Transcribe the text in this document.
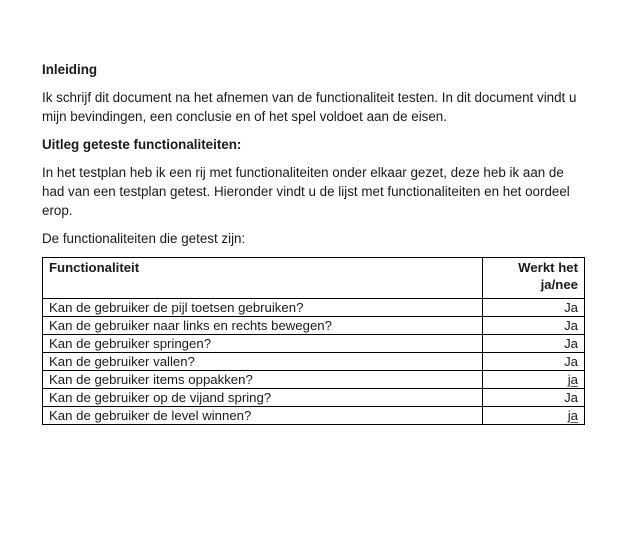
Inleiding
Ik schrijf dit document na het afnemen van de functionaliteit testen. In dit document vindt u mijn bevindingen, een conclusie en of het spel voldoet aan de eisen.
Uitleg geteste functionaliteiten:
In het testplan heb ik een rij met functionaliteiten onder elkaar gezet, deze heb ik aan de had van een testplan getest. Hieronder vindt u de lijst met functionaliteiten en het oordeel erop.
De functionaliteiten die getest zijn:
Functionaliteit	Werkt het
ja/nee

Kan de gebruiker de pijl toetsen gebruiken?	Ja
Kan de gebruiker naar links en rechts bewegen?	Ja
Kan de gebruiker springen?	Ja
Kan de gebruiker vallen?	Ja
Kan de gebruiker items oppakken?	ja
Kan de gebruiker op de vijand spring?	Ja
Kan de gebruiker de level winnen?	ja
